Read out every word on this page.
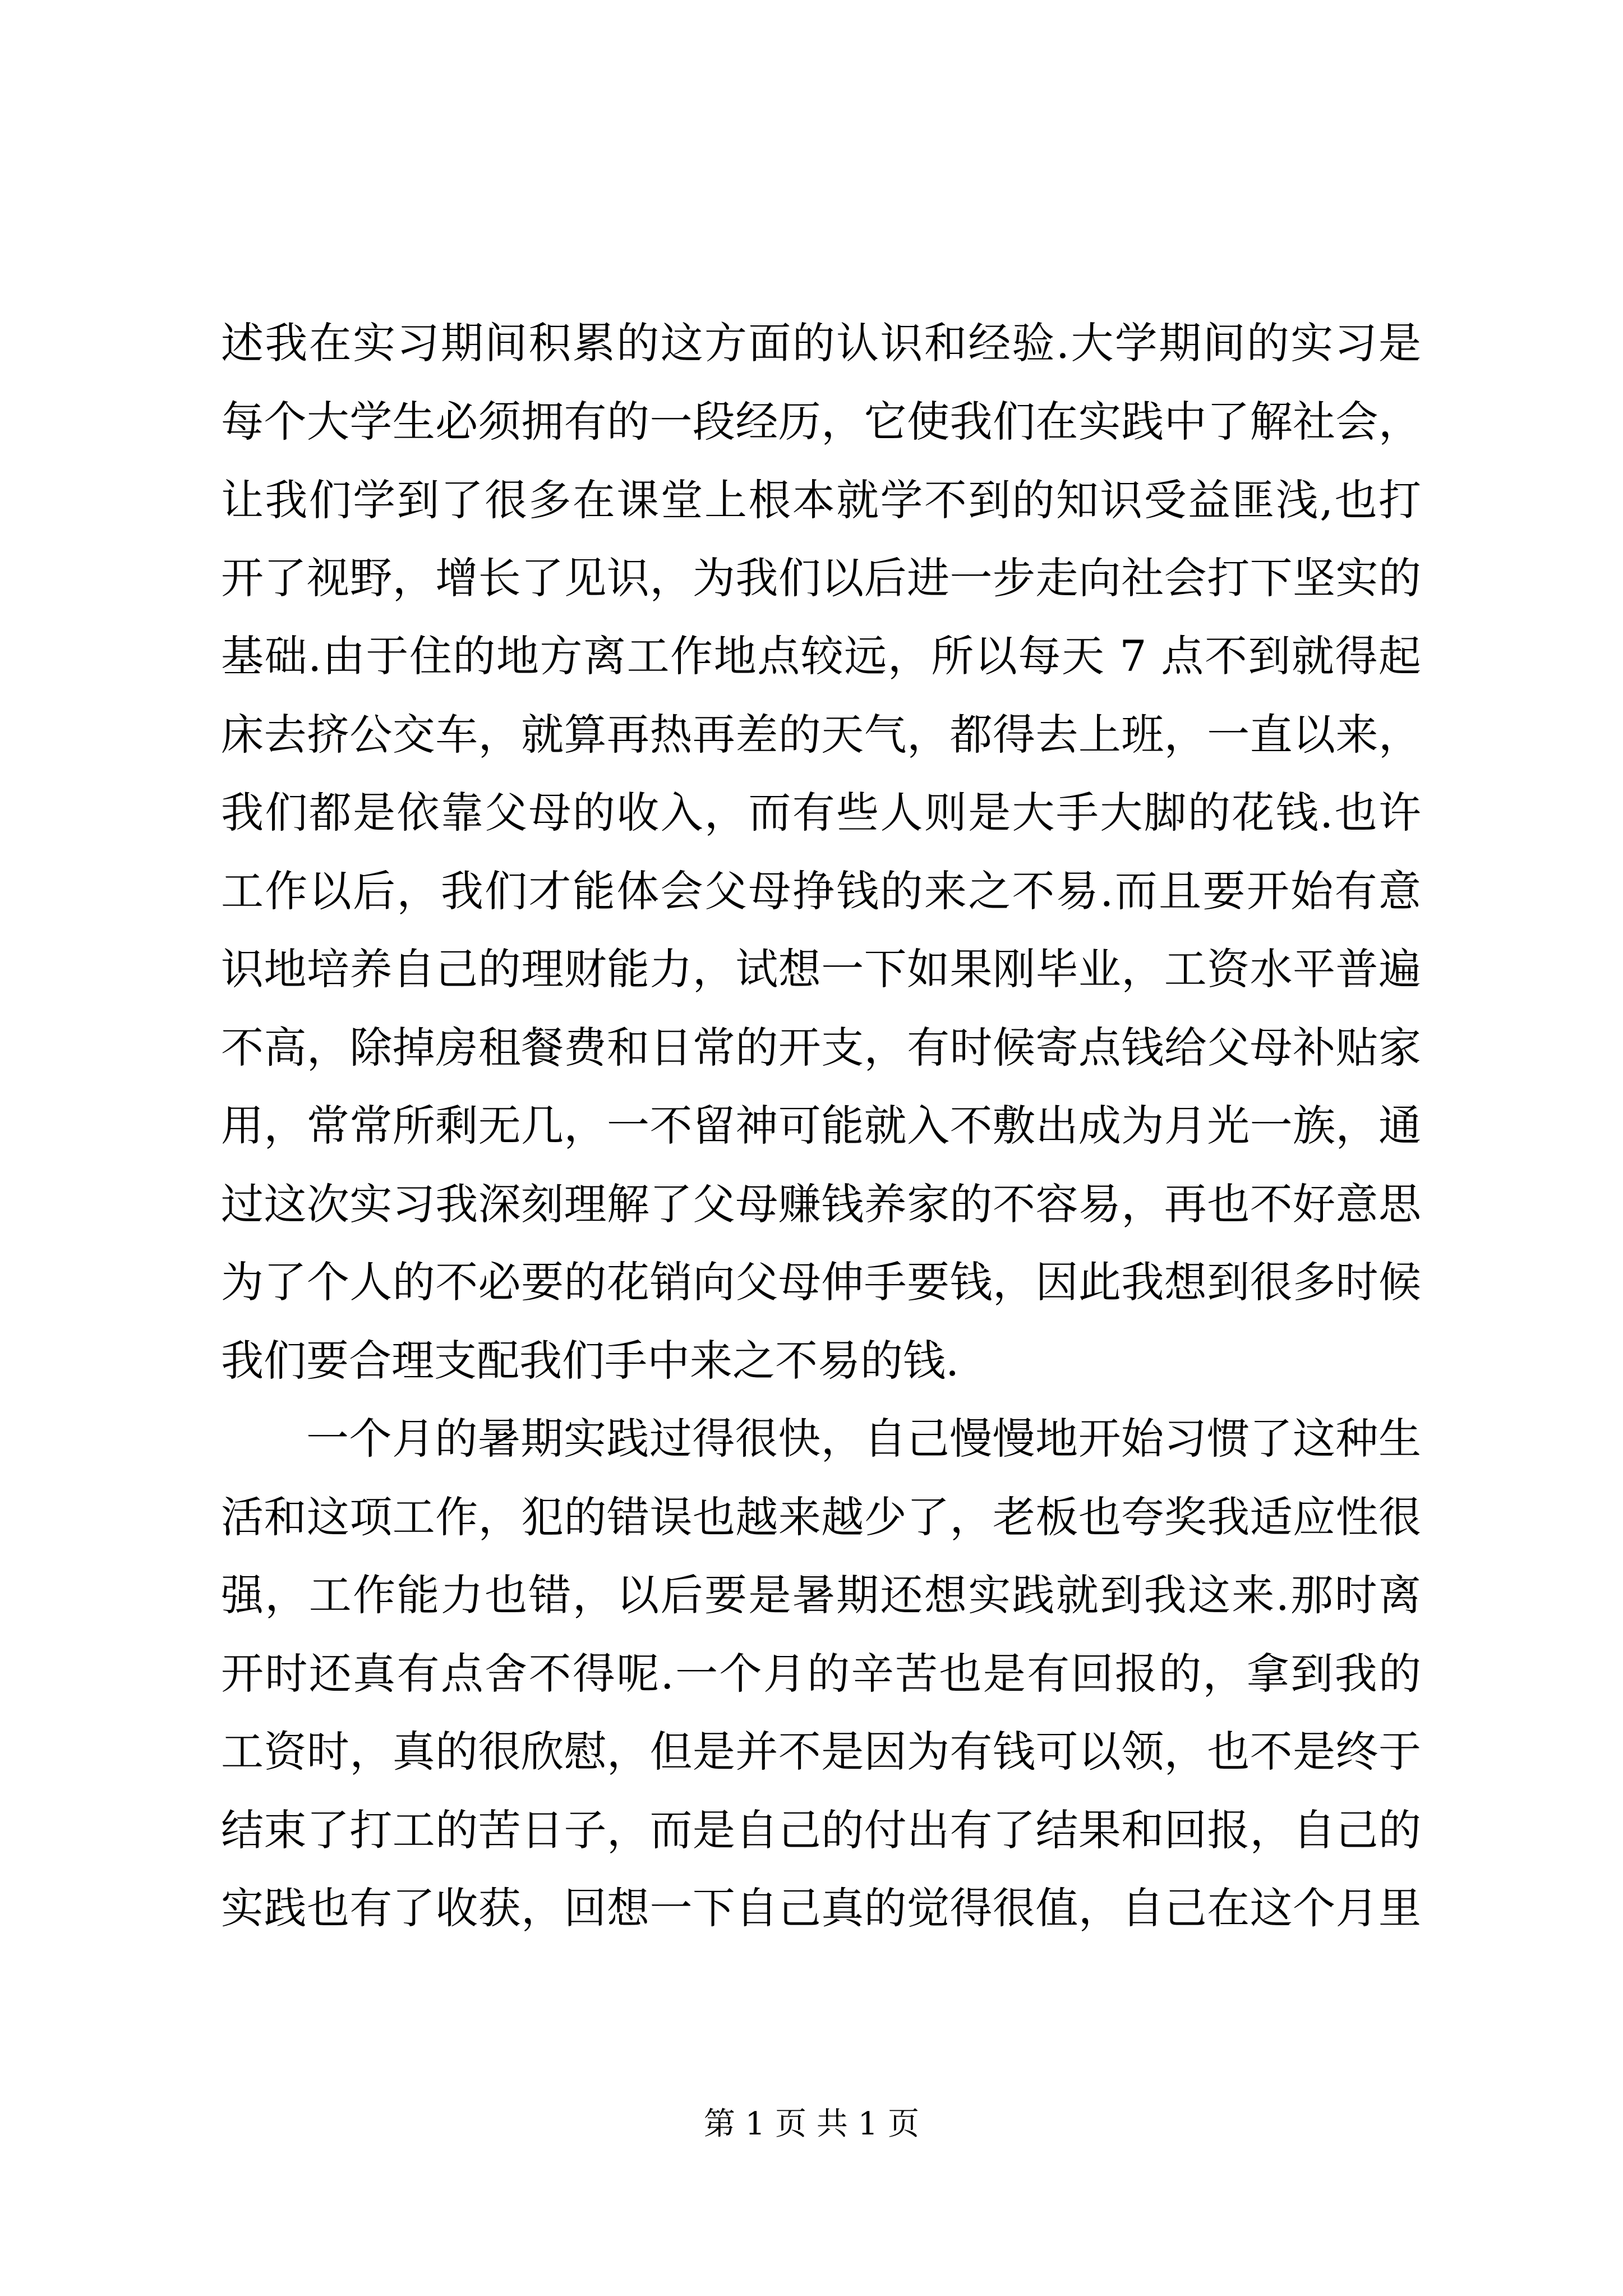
述我在实习期间积累的这方面的认识和经验.大学期间的实习是
每个大学生必须拥有的一段经历，它使我们在实践中了解社会，
让我们学到了很多在课堂上根本就学不到的知识受益匪浅,也打
开了视野，增长了见识，为我们以后进一步走向社会打下坚实的
基础.由于住的地方离工作地点较远，所以每天 7 点不到就得起
床去挤公交车，就算再热再差的天气，都得去上班，一直以来，
我们都是依靠父母的收入，而有些人则是大手大脚的花钱.也许
工作以后，我们才能体会父母挣钱的来之不易.而且要开始有意
识地培养自己的理财能力，试想一下如果刚毕业，工资水平普遍
不高，除掉房租餐费和日常的开支，有时候寄点钱给父母补贴家
用，常常所剩无几，一不留神可能就入不敷出成为月光一族，通
过这次实习我深刻理解了父母赚钱养家的不容易，再也不好意思
为了个人的不必要的花销向父母伸手要钱，因此我想到很多时候
我们要合理支配我们手中来之不易的钱.
一个月的暑期实践过得很快，自己慢慢地开始习惯了这种生
活和这项工作，犯的错误也越来越少了，老板也夸奖我适应性很
强，工作能力也错，以后要是暑期还想实践就到我这来.那时离
开时还真有点舍不得呢.一个月的辛苦也是有回报的，拿到我的
工资时，真的很欣慰，但是并不是因为有钱可以领，也不是终于
结束了打工的苦日子，而是自己的付出有了结果和回报，自己的
实践也有了收获，回想一下自己真的觉得很值，自己在这个月里
第 1 页 共 1 页
